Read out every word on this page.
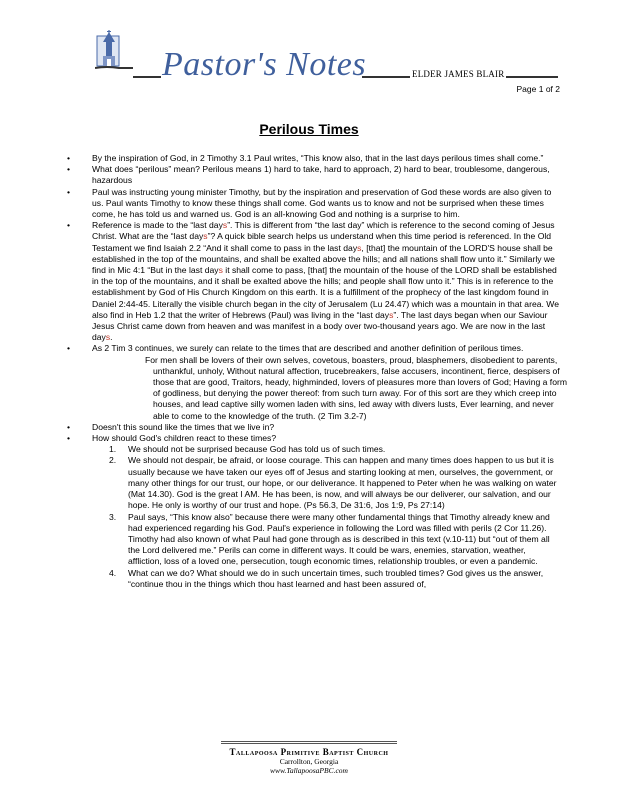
Pastor's Notes	ELDER JAMES BLAIR
Page 1 of 2
Perilous Times
• By the inspiration of God, in 2 Timothy 3.1 Paul writes, “This know also, that in the last days perilous times shall come.”
• What does “perilous” mean? Perilous means 1) hard to take, hard to approach, 2) hard to bear, troublesome, dangerous, hazardous
• Paul was instructing young minister Timothy, but by the inspiration and preservation of God these words are also given to us. Paul wants Timothy to know these things shall come. God wants us to know and not be surprised when these times come, he has told us and warned us. God is an all-knowing God and nothing is a surprise to him.
• Reference is made to the “last days”. This is different from “the last day” which is reference to the second coming of Jesus Christ. What are the “last days”? A quick bible search helps us understand when this time period is referenced. In the Old Testament we find Isaiah 2.2 “And it shall come to pass in the last days, [that] the mountain of the LORD'S house shall be established in the top of the mountains, and shall be exalted above the hills; and all nations shall flow unto it.” Similarly we find in Mic 4:1 “But in the last days it shall come to pass, [that] the mountain of the house of the LORD shall be established in the top of the mountains, and it shall be exalted above the hills; and people shall flow unto it.” This is in reference to the establishment by God of His Church Kingdom on this earth. It is a fulfillment of the prophecy of the last kingdom found in Daniel 2:44-45. Literally the visible church began in the city of Jerusalem (Lu 24.47) which was a mountain in that area. We also find in Heb 1.2 that the writer of Hebrews (Paul) was living in the “last days”. The last days began when our Saviour Jesus Christ came down from heaven and was manifest in a body over two-thousand years ago. We are now in the last days.
• As 2 Tim 3 continues, we surely can relate to the times that are described and another definition of perilous times.

For men shall be lovers of their own selves, covetous, boasters, proud, blasphemers, disobedient to parents, unthankful, unholy, Without natural affection, trucebreakers, false accusers, incontinent, fierce, despisers of those that are good, Traitors, heady, highminded, lovers of pleasures more than lovers of God; Having a form of godliness, but denying the power thereof: from such turn away. For of this sort are they which creep into houses, and lead captive silly women laden with sins, led away with divers lusts, Ever learning, and never able to come to the knowledge of the truth. (2 Tim 3.2-7)

• Doesn't this sound like the times that we live in?
• How should God's children react to these times?
1. We should not be surprised because God has told us of such times.
2. We should not despair, be afraid, or loose courage. This can happen and many times does happen to us but it is usually because we have taken our eyes off of Jesus and starting looking at men, ourselves, the government, or many other things for our trust, our hope, or our deliverance. It happened to Peter when he was walking on water (Mat 14.30). God is the great I AM. He has been, is now, and will always be our deliverer, our salvation, and our hope. He only is worthy of our trust and hope. (Ps 56.3, De 31:6, Jos 1:9, Ps 27:14)
3. Paul says, “This know also” because there were many other fundamental things that Timothy already knew and had experienced regarding his God. Paul's experience in following the Lord was filled with perils (2 Cor 11.26). Timothy had also known of what Paul had gone through as is described in this text (v.10-11) but “out of them all the Lord delivered me.” Perils can come in different ways. It could be wars, enemies, starvation, weather, affliction, loss of a loved one, persecution, tough economic times, relationship troubles, or even a pandemic.
4. What can we do? What should we do in such uncertain times, such troubled times? God gives us the answer, “continue thou in the things which thou hast learned and hast been assured of,
Tallapoosa Primitive Baptist Church
Carrollton, Georgia
www.TallapoosaPBC.com
